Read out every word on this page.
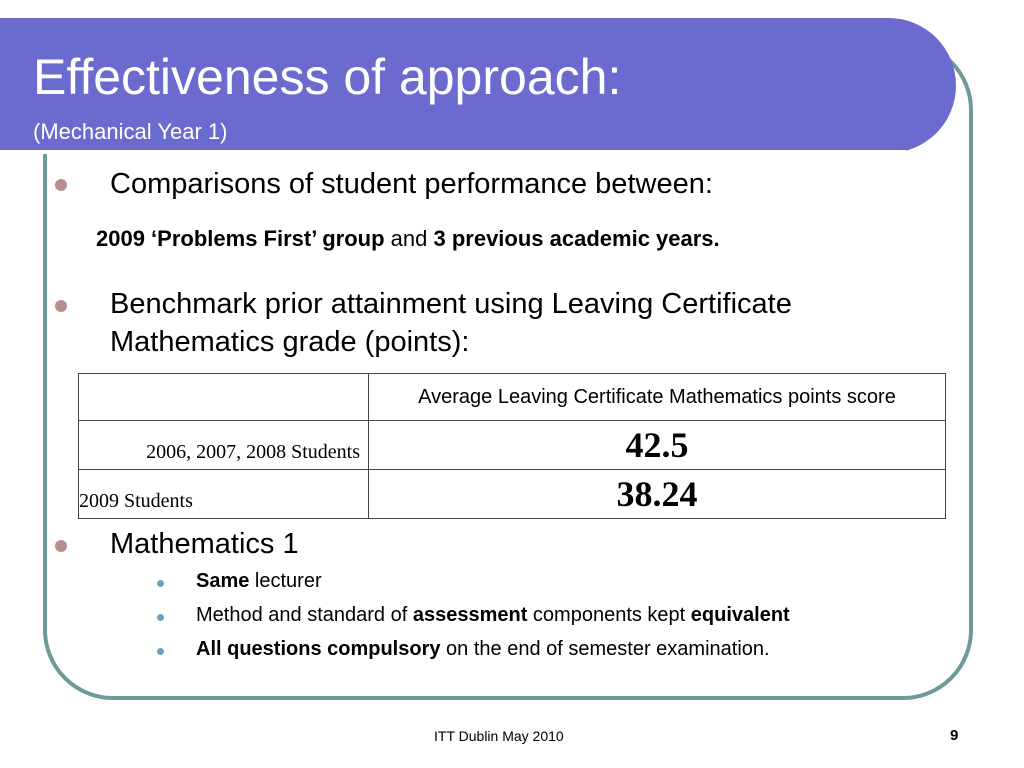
Effectiveness of approach:
(Mechanical Year 1)
Comparisons of student performance between:
2009 ‘Problems First’ group and 3 previous academic years.
Benchmark prior attainment using Leaving Certificate
Mathematics grade (points):
	Average Leaving Certificate Mathematics points score

2006, 2007, 2008 Students	42.5

2009 Students	38.24
Mathematics 1
Same lecturer
Method and standard of assessment components kept equivalent
All questions compulsory on the end of semester examination.
ITT Dublin May 2010	9
